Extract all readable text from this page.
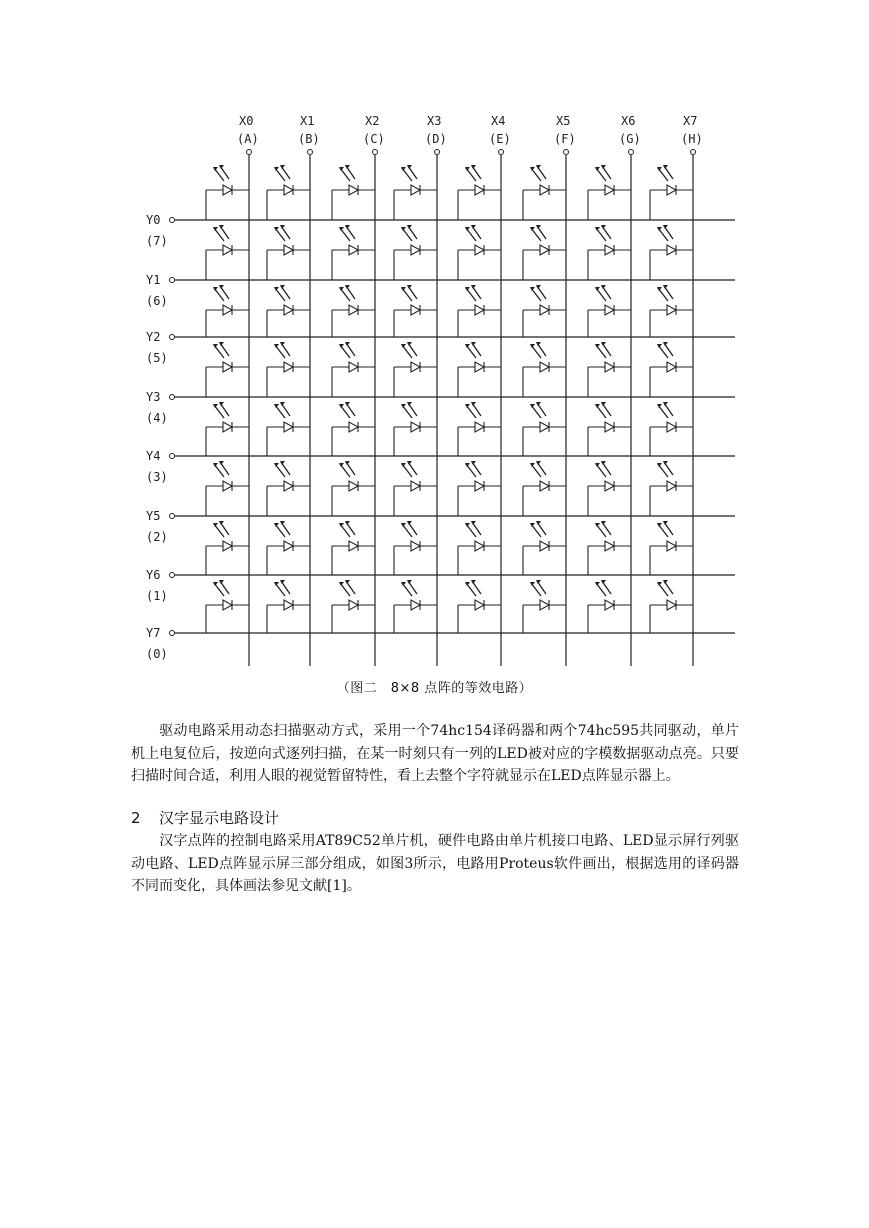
X0
(A)
X1
(B)
X2
(C)
X3
(D)
X4
(E)
X5
(F)
X6
(G)
X7
(H)
Y0
(7)
Y1
(6)
Y2
(5)
Y3
(4)
Y4
(3)
Y5
(2)
Y6
(1)
Y7
(0)
（图二　8×8 点阵的等效电路）

驱动电路采用动态扫描驱动方式，采用一个74hc154译码器和两个74hc595共同驱动，单片机上电复位后，按逆向式逐列扫描，在某一时刻只有一列的LED被对应的字模数据驱动点亮。只要扫描时间合适，利用人眼的视觉暂留特性，看上去整个字符就显示在LED点阵显示器上。

2 汉字显示电路设计

汉字点阵的控制电路采用AT89C52单片机，硬件电路由单片机接口电路、LED显示屏行列驱动电路、LED点阵显示屏三部分组成，如图3所示，电路用Proteus软件画出，根据选用的译码器不同而变化，具体画法参见文献[1]。
